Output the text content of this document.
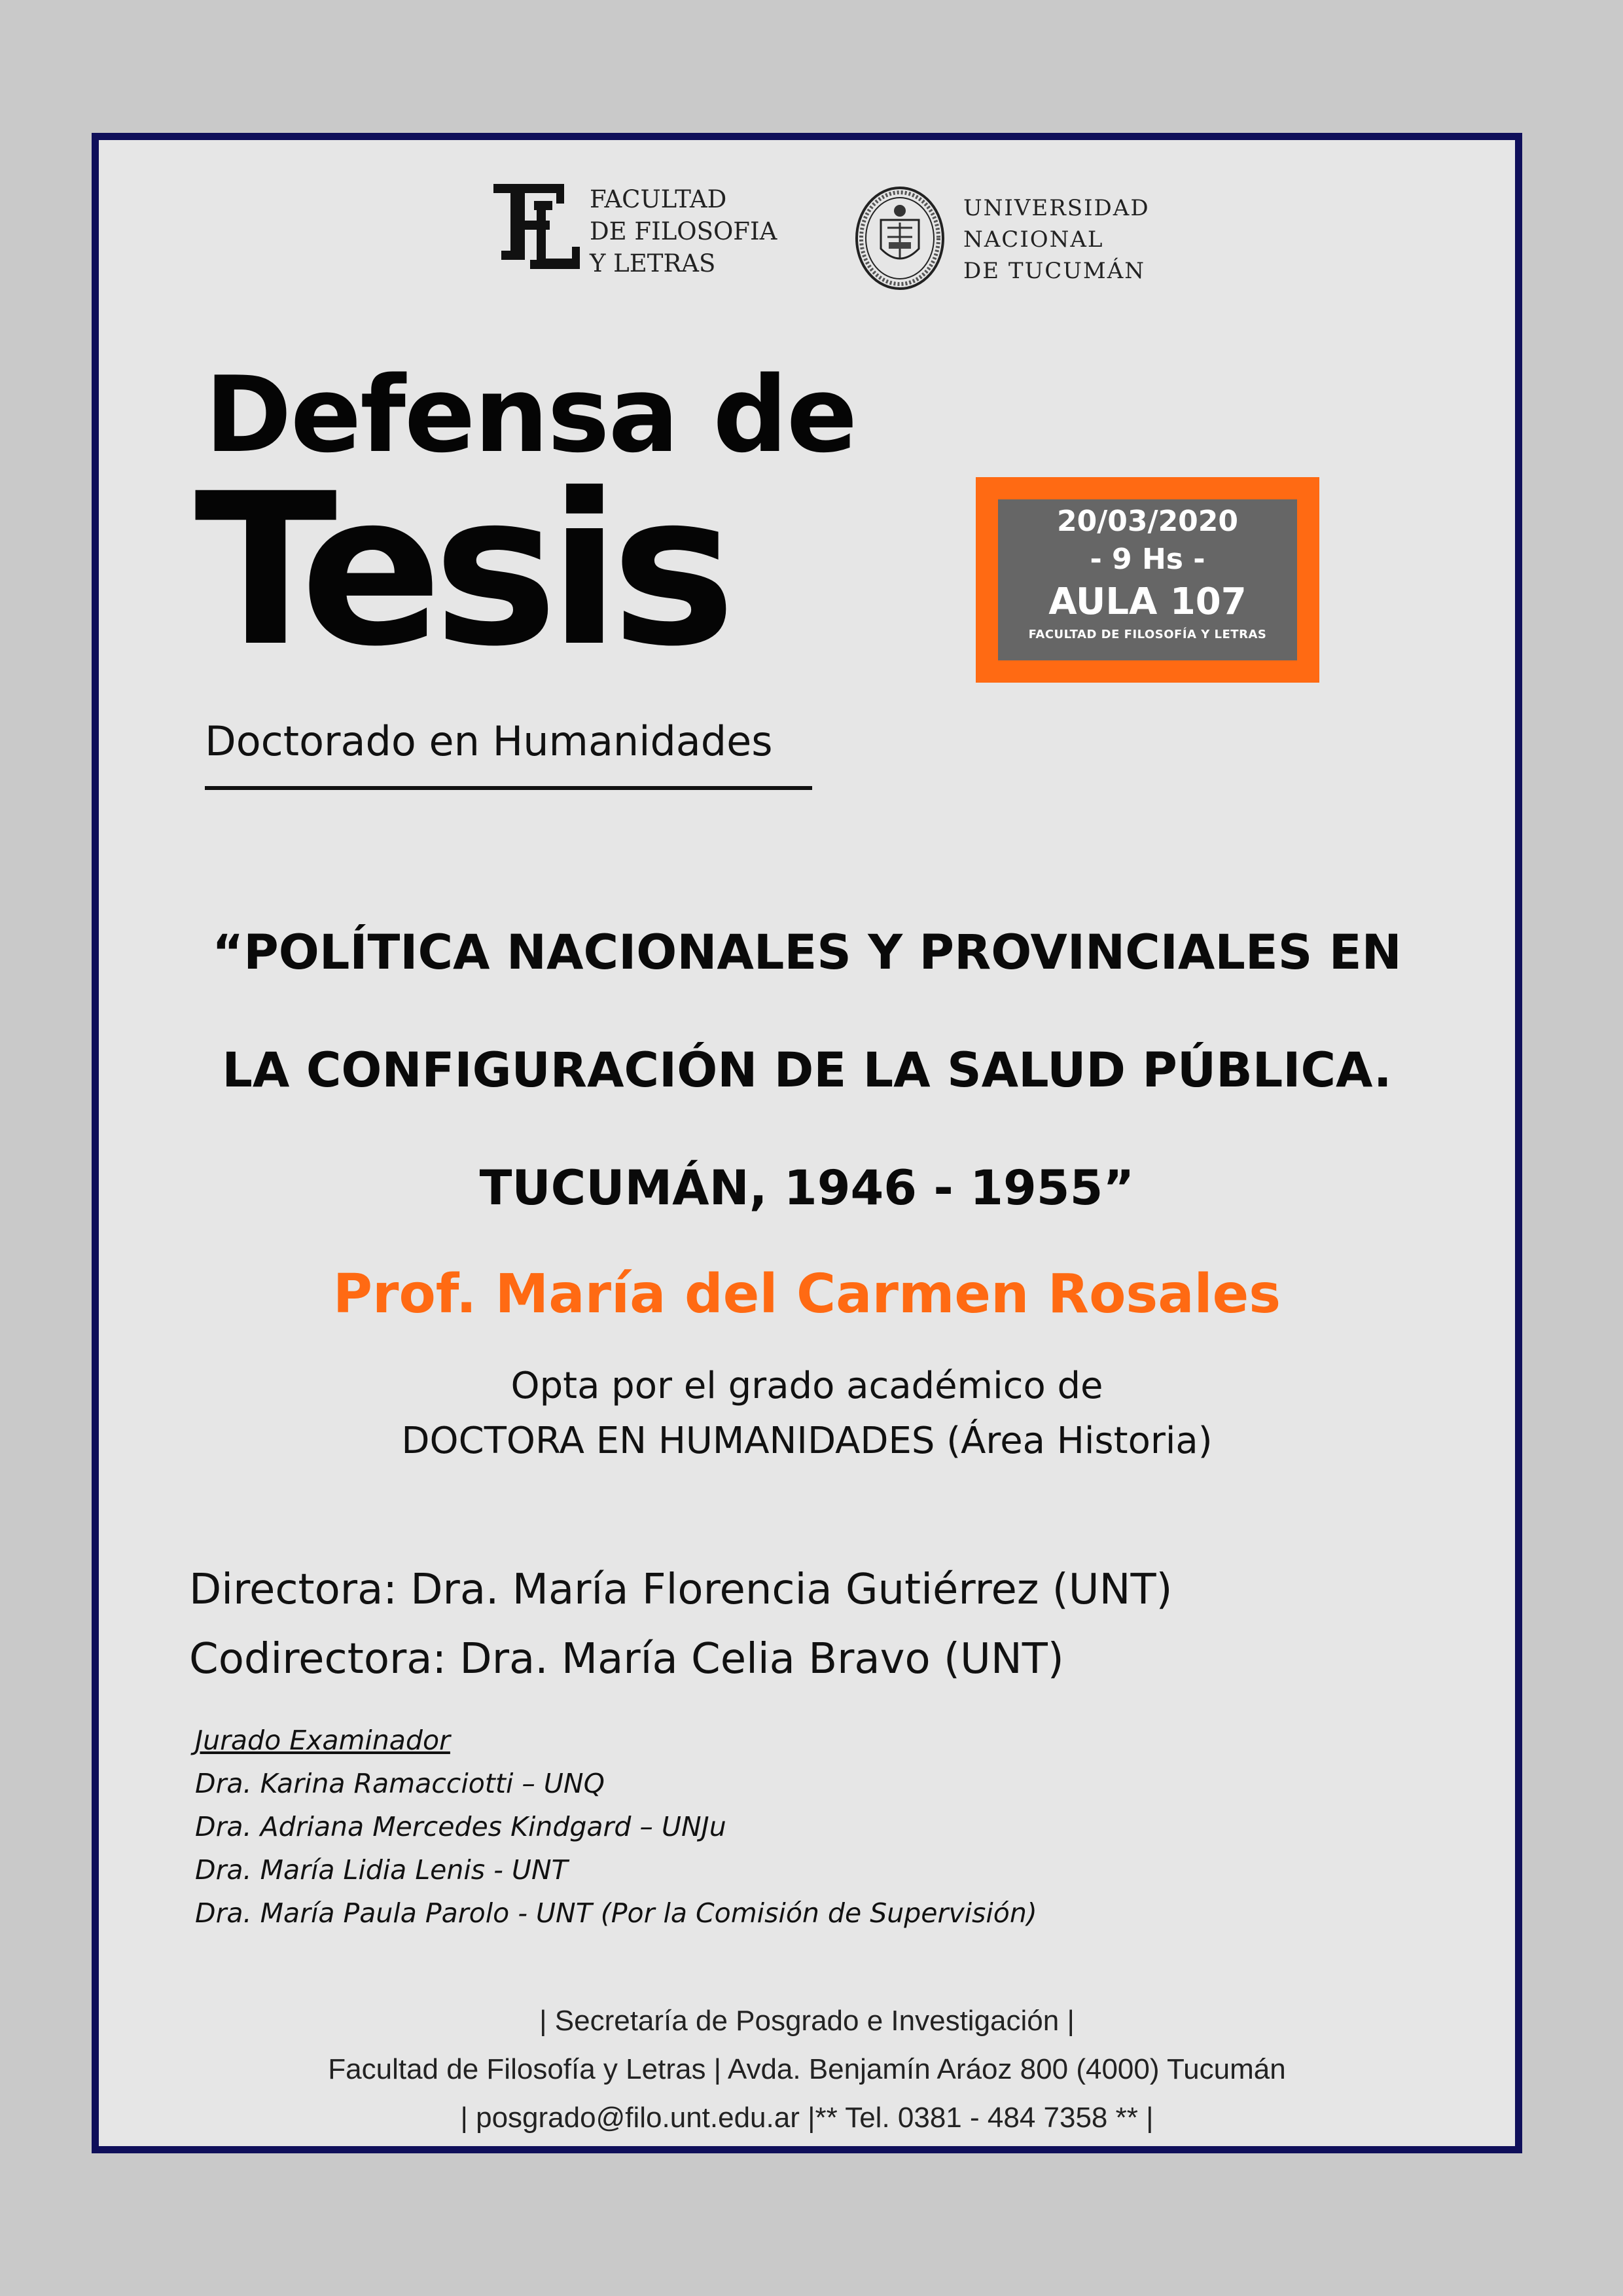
FACULTAD
DE FILOSOFIA
Y LETRAS
UNIVERSIDAD
NACIONAL
DE TUCUMÁN
Defensa de
Tesis
Doctorado en Humanidades
20/03/2020
- 9 Hs -
AULA 107
FACULTAD DE FILOSOFÍA Y LETRAS
“POLÍTICA NACIONALES Y PROVINCIALES EN
LA CONFIGURACIÓN DE LA SALUD PÚBLICA.
TUCUMÁN, 1946 - 1955”
Prof. María del Carmen Rosales
Opta por el grado académico de
DOCTORA EN HUMANIDADES (Área Historia)
Directora: Dra. María Florencia Gutiérrez (UNT)
Codirectora: Dra. María Celia Bravo (UNT)
Jurado Examinador
Dra. Karina Ramacciotti – UNQ
Dra. Adriana Mercedes Kindgard – UNJu
Dra. María Lidia Lenis - UNT
Dra. María Paula Parolo - UNT (Por la Comisión de Supervisión)
| Secretaría de Posgrado e Investigación |
Facultad de Filosofía y Letras | Avda. Benjamín Aráoz 800 (4000) Tucumán
| posgrado@filo.unt.edu.ar |** Tel. 0381 - 484 7358 ** |
